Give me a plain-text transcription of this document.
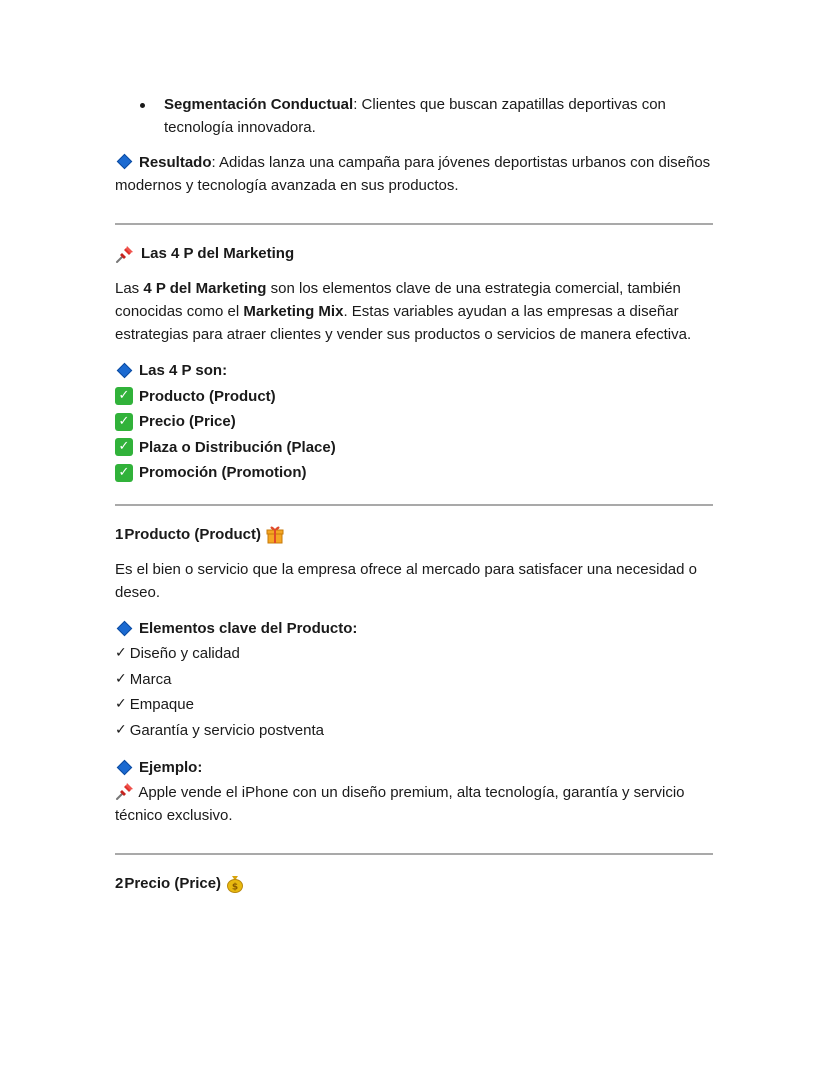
Segmentación Conductual: Clientes que buscan zapatillas deportivas con tecnología innovadora.

Resultado: Adidas lanza una campaña para jóvenes deportistas urbanos con diseños modernos y tecnología avanzada en sus productos.

Las 4 P del Marketing

Las 4 P del Marketing son los elementos clave de una estrategia comercial, también conocidas como el Marketing Mix. Estas variables ayudan a las empresas a diseñar estrategias para atraer clientes y vender sus productos o servicios de manera efectiva.

Las 4 P son:
✓ Producto (Product)
✓ Precio (Price)
✓ Plaza o Distribución (Place)
✓ Promoción (Promotion)
1 Producto (Product)

Es el bien o servicio que la empresa ofrece al mercado para satisfacer una necesidad o deseo.

Elementos clave del Producto:
✓ Diseño y calidad
✓ Marca
✓ Empaque
✓ Garantía y servicio postventa
Ejemplo:

Apple vende el iPhone con un diseño premium, alta tecnología, garantía y servicio técnico exclusivo.

2 Precio (Price) $
